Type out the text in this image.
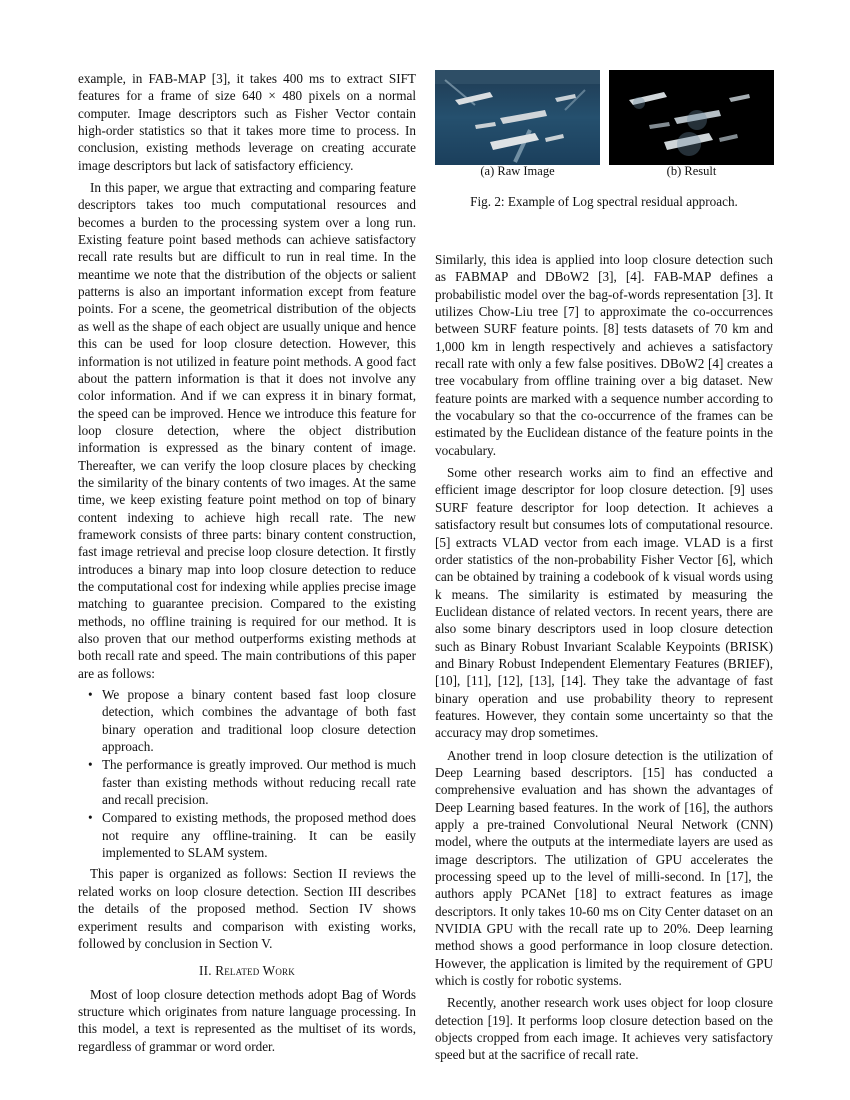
example, in FAB-MAP [3], it takes 400 ms to extract SIFT features for a frame of size 640 × 480 pixels on a normal computer. Image descriptors such as Fisher Vector contain high-order statistics so that it takes more time to process. In conclusion, existing methods leverage on creating accurate image descriptors but lack of satisfactory efficiency.

In this paper, we argue that extracting and comparing feature descriptors takes too much computational resources and becomes a burden to the processing system over a long run. Existing feature point based methods can achieve satisfactory recall rate results but are difficult to run in real time. In the meantime we note that the distribution of the objects or salient patterns is also an important information except from feature points. For a scene, the geometrical distribution of the objects as well as the shape of each object are usually unique and hence this can be used for loop closure detection. However, this information is not utilized in feature point methods. A good fact about the pattern information is that it does not involve any color information. And if we can express it in binary format, the speed can be improved. Hence we introduce this feature for loop closure detection, where the object distribution information is expressed as the binary content of image. Thereafter, we can verify the loop closure places by checking the similarity of the binary contents of two images. At the same time, we keep existing feature point method on top of binary content indexing to achieve high recall rate. The new framework consists of three parts: binary content construction, fast image retrieval and precise loop closure detection. It firstly introduces a binary map into loop closure detection to reduce the computational cost for indexing while applies precise image matching to guarantee precision. Compared to the existing methods, no offline training is required for our method. It is also proven that our method outperforms existing methods at both recall rate and speed. The main contributions of this paper are as follows:

• We propose a binary content based fast loop closure detection, which combines the advantage of both fast binary operation and traditional loop closure detection approach.
• The performance is greatly improved. Our method is much faster than existing methods without reducing recall rate and recall precision.
• Compared to existing methods, the proposed method does not require any offline-training. It can be easily implemented to SLAM system.

This paper is organized as follows: Section II reviews the related works on loop closure detection. Section III describes the details of the proposed method. Section IV shows experiment results and comparison with existing works, followed by conclusion in Section V.

II. Related Work

Most of loop closure detection methods adopt Bag of Words structure which originates from nature language processing. In this model, a text is represented as the multiset of its words, regardless of grammar or word order.

(a) Raw Image	(b) Result
Fig. 2: Example of Log spectral residual approach.

Similarly, this idea is applied into loop closure detection such as FABMAP and DBoW2 [3], [4]. FAB-MAP defines a probabilistic model over the bag-of-words representation [3]. It utilizes Chow-Liu tree [7] to approximate the co-occurrences between SURF feature points. [8] tests datasets of 70 km and 1,000 km in length respectively and achieves a satisfactory recall rate with only a few false positives. DBoW2 [4] creates a tree vocabulary from offline training over a big dataset. New feature points are marked with a sequence number according to the vocabulary so that the co-occurrence of the frames can be estimated by the Euclidean distance of the feature points in the vocabulary.

Some other research works aim to find an effective and efficient image descriptor for loop closure detection. [9] uses SURF feature descriptor for loop detection. It achieves a satisfactory result but consumes lots of computational resource. [5] extracts VLAD vector from each image. VLAD is a first order statistics of the non-probability Fisher Vector [6], which can be obtained by training a codebook of k visual words using k means. The similarity is estimated by measuring the Euclidean distance of related vectors. In recent years, there are also some binary descriptors used in loop closure detection such as Binary Robust Invariant Scalable Keypoints (BRISK) and Binary Robust Independent Elementary Features (BRIEF), [10], [11], [12], [13], [14]. They take the advantage of fast binary operation and use probability theory to represent features. However, they contain some uncertainty so that the accuracy may drop sometimes.

Another trend in loop closure detection is the utilization of Deep Learning based descriptors. [15] has conducted a comprehensive evaluation and has shown the advantages of Deep Learning based features. In the work of [16], the authors apply a pre-trained Convolutional Neural Network (CNN) model, where the outputs at the intermediate layers are used as image descriptors. The utilization of GPU accelerates the processing speed up to the level of milli-second. In [17], the authors apply PCANet [18] to extract features as image descriptors. It only takes 10-60 ms on City Center dataset on an NVIDIA GPU with the recall rate up to 20%. Deep learning method shows a good performance in loop closure detection. However, the application is limited by the requirement of GPU which is costly for robotic systems.

Recently, another research work uses object for loop closure detection [19]. It performs loop closure detection based on the objects cropped from each image. It achieves very satisfactory speed but at the sacrifice of recall rate.
